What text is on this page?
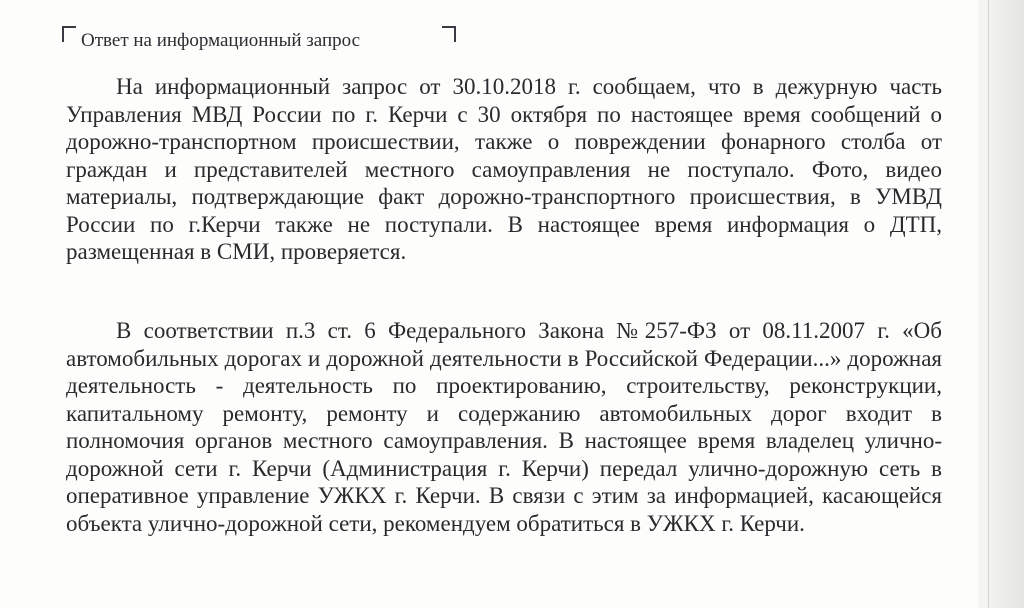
Ответ на информационный запрос

На информационный запрос от 30.10.2018 г. сообщаем, что в дежурную часть Управления МВД России по г. Керчи с 30 октября по настоящее время сообщений о дорожно-транспортном происшествии, также о повреждении фонарного столба от граждан и представителей местного самоуправления не поступало. Фото, видео материалы, подтверждающие факт дорожно-транспортного происшествия, в УМВД России по г.Керчи также не поступали. В настоящее время информация о ДТП, размещенная в СМИ, проверяется.

В соответствии п.3 ст. 6 Федерального Закона №257-ФЗ от 08.11.2007 г. «Об автомобильных дорогах и дорожной деятельности в Российской Федерации...» дорожная деятельность - деятельность по проектированию, строительству, реконструкции, капитальному ремонту, ремонту и содержанию автомобильных дорог входит в полномочия органов местного самоуправления. В настоящее время владелец улично-дорожной сети г. Керчи (Администрация г. Керчи) передал улично-дорожную сеть в оперативное управление УЖКХ г. Керчи. В связи с этим за информацией, касающейся объекта улично-дорожной сети, рекомендуем обратиться в УЖКХ г. Керчи.
